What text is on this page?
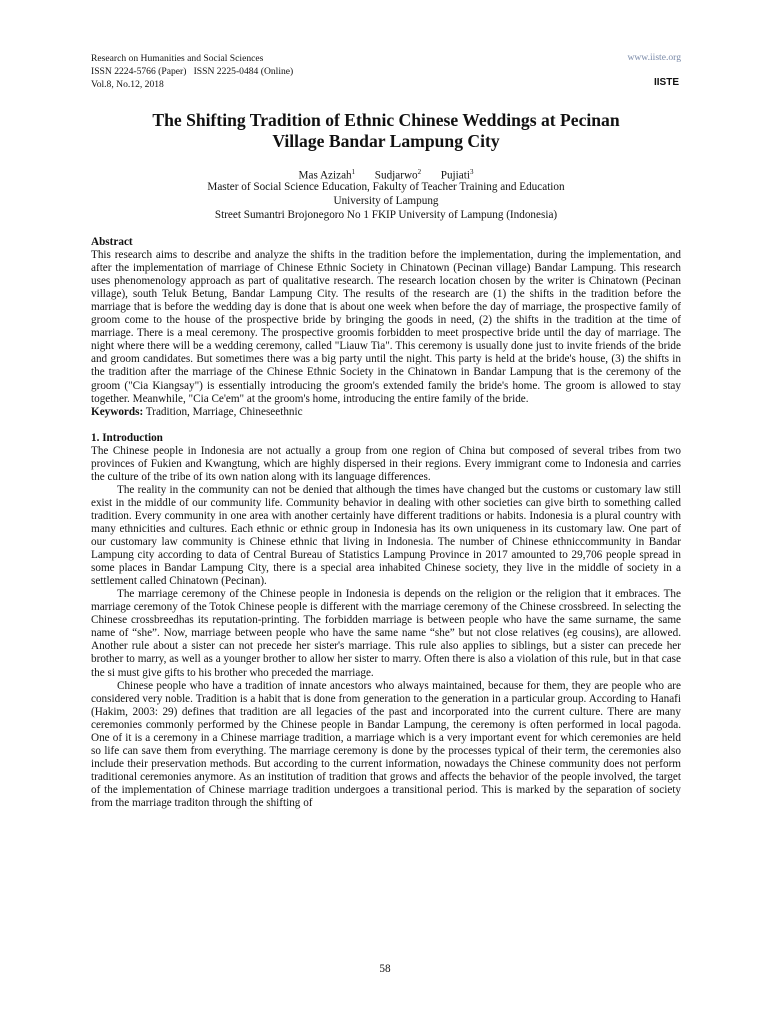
Research on Humanities and Social Sciences
ISSN 2224-5766 (Paper)   ISSN 2225-0484 (Online)
Vol.8, No.12, 2018
www.iiste.org
IISTE
The Shifting Tradition of Ethnic Chinese Weddings at Pecinan
Village Bandar Lampung City
Mas Azizah$^1$ Sudjarwo$^2$ Pujiati$^3$
Master of Social Science Education, Fakulty of Teacher Training and Education
University of Lampung
Street Sumantri Brojonegoro No 1 FKIP University of Lampung (Indonesia)

Abstract

This research aims to describe and analyze the shifts in the tradition before the implementation, during the implementation, and after the implementation of marriage of Chinese Ethnic Society in Chinatown (Pecinan village) Bandar Lampung. This research uses phenomenology approach as part of qualitative research. The research location chosen by the writer is Chinatown (Pecinan village), south Teluk Betung, Bandar Lampung City. The results of the research are (1) the shifts in the tradition before the marriage that is before the wedding day is done that is about one week when before the day of marriage, the prospective family of groom come to the house of the prospective bride by bringing the goods in need, (2) the shifts in the tradition at the time of marriage. There is a meal ceremony. The prospective groomis forbidden to meet prospective bride until the day of marriage. The night where there will be a wedding ceremony, called "Liauw Tia". This ceremony is usually done just to invite friends of the bride and groom candidates. But sometimes there was a big party until the night. This party is held at the bride's house, (3) the shifts in the tradition after the marriage of the Chinese Ethnic Society in the Chinatown in Bandar Lampung that is the ceremony of the groom ("Cia Kiangsay") is essentially introducing the groom's extended family the bride's home. The groom is allowed to stay together. Meanwhile, "Cia Ce'em" at the groom's home, introducing the entire family of the bride.

Keywords: Tradition, Marriage, Chineseethnic

1. Introduction

The Chinese people in Indonesia are not actually a group from one region of China but composed of several tribes from two provinces of Fukien and Kwangtung, which are highly dispersed in their regions. Every immigrant come to Indonesia and carries the culture of the tribe of its own nation along with its language differences.

The reality in the community can not be denied that although the times have changed but the customs or customary law still exist in the middle of our community life. Community behavior in dealing with other societies can give birth to something called tradition. Every community in one area with another certainly have different traditions or habits. Indonesia is a plural country with many ethnicities and cultures. Each ethnic or ethnic group in Indonesia has its own uniqueness in its customary law. One part of our customary law community is Chinese ethnic that living in Indonesia. The number of Chinese ethniccommunity in Bandar Lampung city according to data of Central Bureau of Statistics Lampung Province in 2017 amounted to 29,706 people spread in some places in Bandar Lampung City, there is a special area inhabited Chinese society, they live in the middle of society in a settlement called Chinatown (Pecinan).

The marriage ceremony of the Chinese people in Indonesia is depends on the religion or the religion that it embraces. The marriage ceremony of the Totok Chinese people is different with the marriage ceremony of the Chinese crossbreed. In selecting the Chinese crossbreedhas its reputation-printing. The forbidden marriage is between people who have the same surname, the same name of “she”. Now, marriage between people who have the same name “she” but not close relatives (eg cousins), are allowed. Another rule about a sister can not precede her sister's marriage. This rule also applies to siblings, but a sister can precede her brother to marry, as well as a younger brother to allow her sister to marry. Often there is also a violation of this rule, but in that case the si must give gifts to his brother who preceded the marriage.

Chinese people who have a tradition of innate ancestors who always maintained, because for them, they are people who are considered very noble. Tradition is a habit that is done from generation to the generation in a particular group. According to Hanafi (Hakim, 2003: 29) defines that tradition are all legacies of the past and incorporated into the current culture. There are many ceremonies commonly performed by the Chinese people in Bandar Lampung, the ceremony is often performed in local pagoda. One of it is a ceremony in a Chinese marriage tradition, a marriage which is a very important event for which ceremonies are held so life can save them from everything. The marriage ceremony is done by the processes typical of their term, the ceremonies also include their preservation methods. But according to the current information, nowadays the Chinese community does not perform traditional ceremonies anymore. As an institution of tradition that grows and affects the behavior of the people involved, the target of the implementation of Chinese marriage tradition undergoes a transitional period. This is marked by the separation of society from the marriage traditon through the shifting of

58
